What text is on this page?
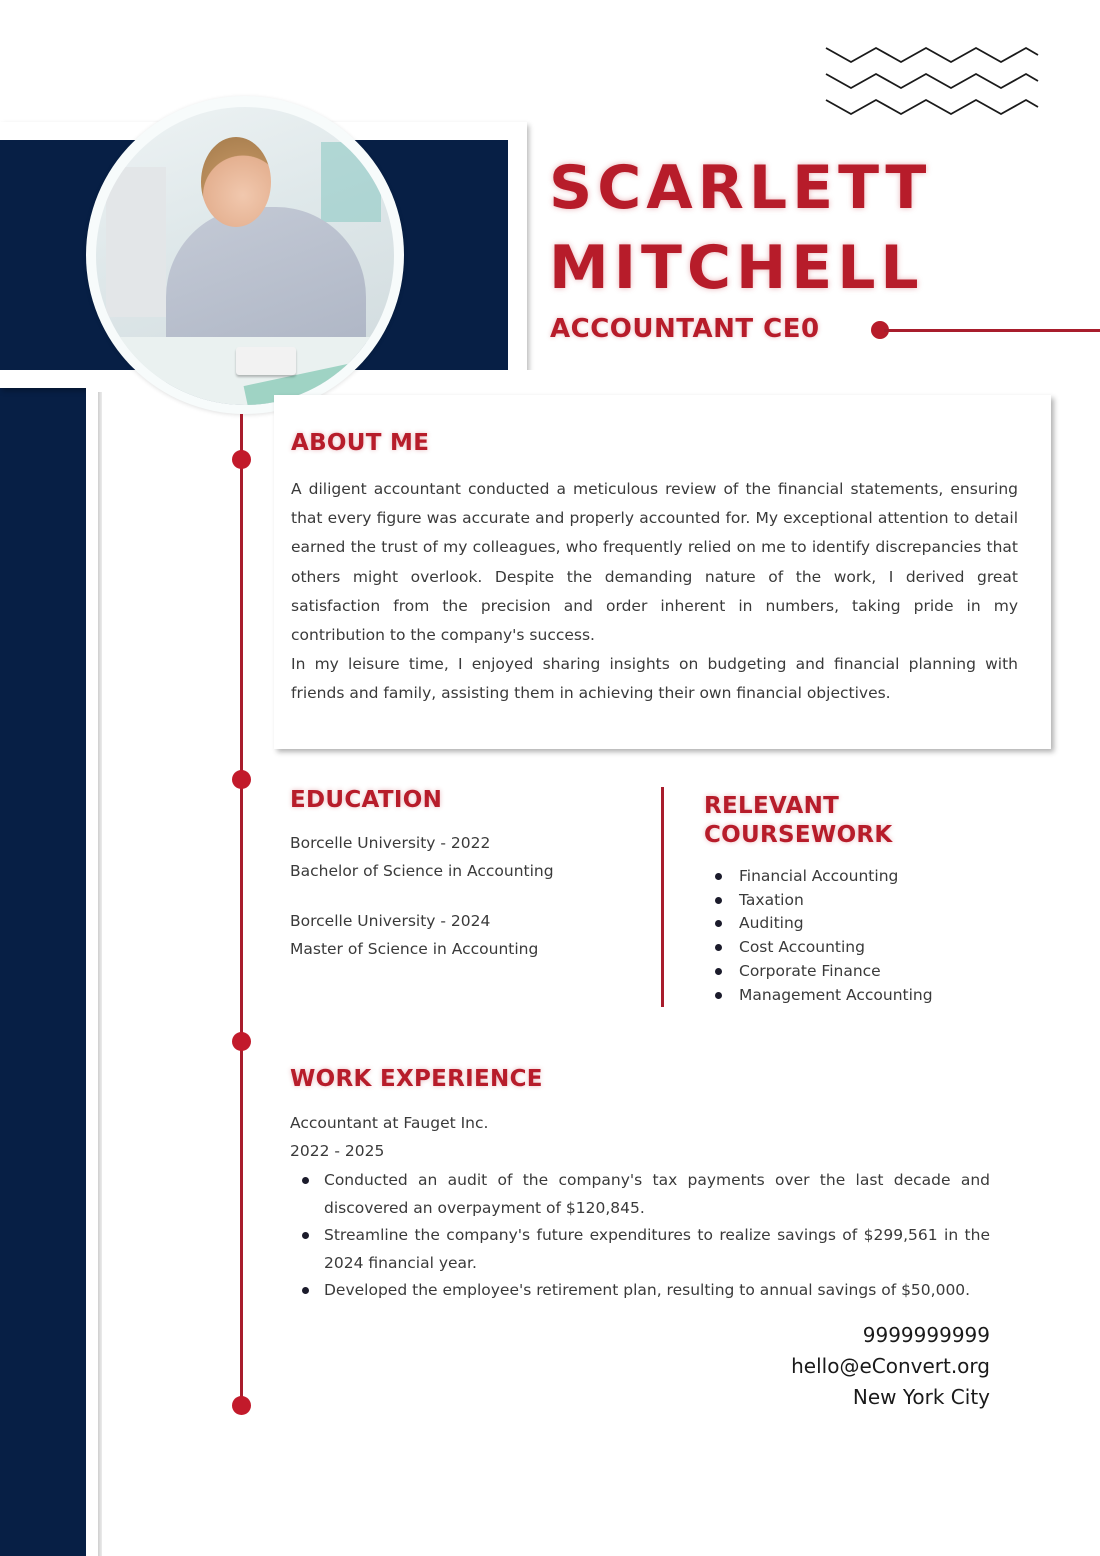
SCARLETT
MITCHELL
ACCOUNTANT CE0
ABOUT ME

A diligent accountant conducted a meticulous review of the financial statements, ensuring that every figure was accurate and properly accounted for. My exceptional attention to detail earned the trust of my colleagues, who frequently relied on me to identify discrepancies that others might overlook. Despite the demanding nature of the work, I derived great satisfaction from the precision and order inherent in numbers, taking pride in my contribution to the company's success.

In my leisure time, I enjoyed sharing insights on budgeting and financial planning with friends and family, assisting them in achieving their own financial objectives.

EDUCATION
Borcelle University - 2022
Bachelor of Science in Accounting
Borcelle University - 2024
Master of Science in Accounting
RELEVANT
COURSEWORK
Financial Accounting
Taxation
Auditing
Cost Accounting
Corporate Finance
Management Accounting
WORK EXPERIENCE
Accountant at Fauget Inc.
2022 - 2025
Conducted an audit of the company's tax payments over the last decade and discovered an overpayment of $120,845.
Streamline the company's future expenditures to realize savings of $299,561 in the 2024 financial year.
Developed the employee's retirement plan, resulting to annual savings of $50,000.
9999999999
hello@eConvert.org
New York City
